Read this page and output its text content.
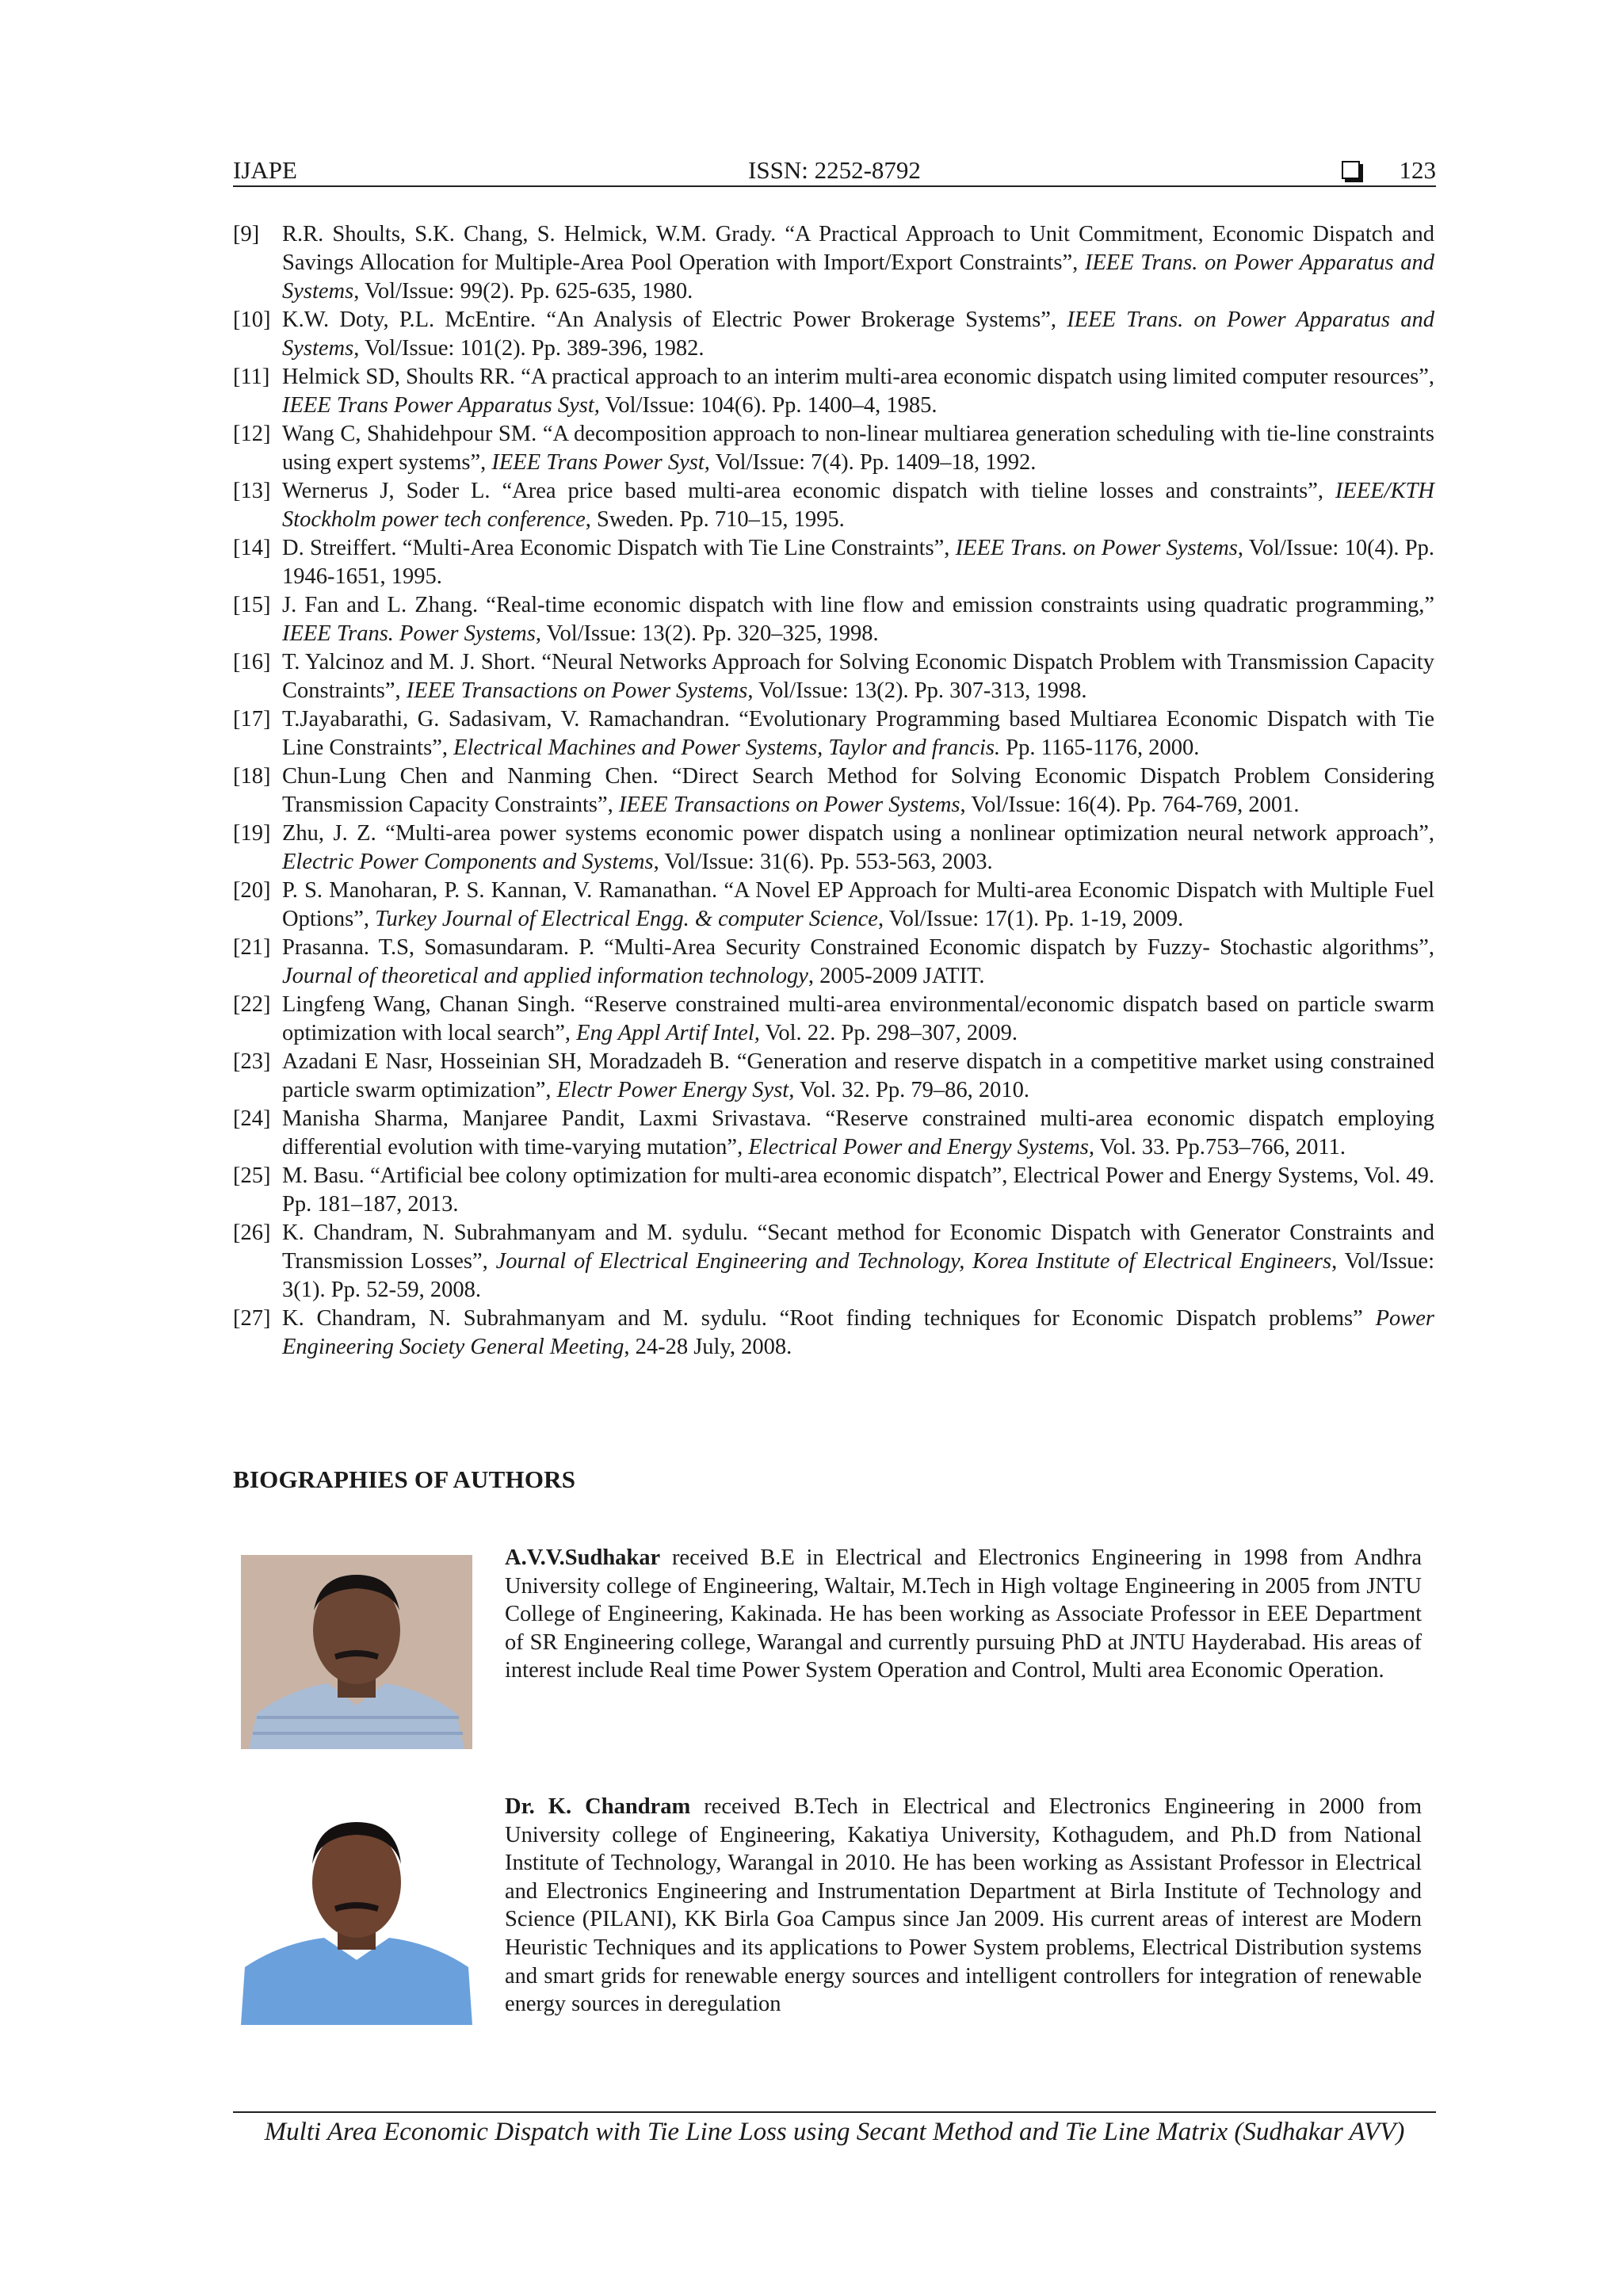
IJAPE	ISSN: 2252-8792	123
[9] R.R. Shoults, S.K. Chang, S. Helmick, W.M. Grady. “A Practical Approach to Unit Commitment, Economic Dispatch and Savings Allocation for Multiple-Area Pool Operation with Import/Export Constraints”, IEEE Trans. on Power Apparatus and Systems, Vol/Issue: 99(2). Pp. 625-635, 1980.
[10] K.W. Doty, P.L. McEntire. “An Analysis of Electric Power Brokerage Systems”, IEEE Trans. on Power Apparatus and Systems, Vol/Issue: 101(2). Pp. 389-396, 1982.
[11] Helmick SD, Shoults RR. “A practical approach to an interim multi-area economic dispatch using limited computer resources”, IEEE Trans Power Apparatus Syst, Vol/Issue: 104(6). Pp. 1400–4, 1985.
[12] Wang C, Shahidehpour SM. “A decomposition approach to non-linear multiarea generation scheduling with tie-line constraints using expert systems”, IEEE Trans Power Syst, Vol/Issue: 7(4). Pp. 1409–18, 1992.
[13] Wernerus J, Soder L. “Area price based multi-area economic dispatch with tieline losses and constraints”, IEEE/KTH Stockholm power tech conference, Sweden. Pp. 710–15, 1995.
[14] D. Streiffert. “Multi-Area Economic Dispatch with Tie Line Constraints”, IEEE Trans. on Power Systems, Vol/Issue: 10(4). Pp. 1946-1651, 1995.
[15] J. Fan and L. Zhang. “Real-time economic dispatch with line flow and emission constraints using quadratic programming,” IEEE Trans. Power Systems, Vol/Issue: 13(2). Pp. 320–325, 1998.
[16] T. Yalcinoz and M. J. Short. “Neural Networks Approach for Solving Economic Dispatch Problem with Transmission Capacity Constraints”, IEEE Transactions on Power Systems, Vol/Issue: 13(2). Pp. 307-313, 1998.
[17] T.Jayabarathi, G. Sadasivam, V. Ramachandran. “Evolutionary Programming based Multiarea Economic Dispatch with Tie Line Constraints”, Electrical Machines and Power Systems, Taylor and francis. Pp. 1165-1176, 2000.
[18] Chun-Lung Chen and Nanming Chen. “Direct Search Method for Solving Economic Dispatch Problem Considering Transmission Capacity Constraints”, IEEE Transactions on Power Systems, Vol/Issue: 16(4). Pp. 764-769, 2001.
[19] Zhu, J. Z. “Multi-area power systems economic power dispatch using a nonlinear optimization neural network approach”, Electric Power Components and Systems, Vol/Issue: 31(6). Pp. 553-563, 2003.
[20] P. S. Manoharan, P. S. Kannan, V. Ramanathan. “A Novel EP Approach for Multi-area Economic Dispatch with Multiple Fuel Options”, Turkey Journal of Electrical Engg. & computer Science, Vol/Issue: 17(1). Pp. 1-19, 2009.
[21] Prasanna. T.S, Somasundaram. P. “Multi-Area Security Constrained Economic dispatch by Fuzzy- Stochastic algorithms”, Journal of theoretical and applied information technology, 2005-2009 JATIT.
[22] Lingfeng Wang, Chanan Singh. “Reserve constrained multi-area environmental/economic dispatch based on particle swarm optimization with local search”, Eng Appl Artif Intel, Vol. 22. Pp. 298–307, 2009.
[23] Azadani E Nasr, Hosseinian SH, Moradzadeh B. “Generation and reserve dispatch in a competitive market using constrained particle swarm optimization”, Electr Power Energy Syst, Vol. 32. Pp. 79–86, 2010.
[24] Manisha Sharma, Manjaree Pandit, Laxmi Srivastava. “Reserve constrained multi-area economic dispatch employing differential evolution with time-varying mutation”, Electrical Power and Energy Systems, Vol. 33. Pp.753–766, 2011.
[25] M. Basu. “Artificial bee colony optimization for multi-area economic dispatch”, Electrical Power and Energy Systems, Vol. 49. Pp. 181–187, 2013.
[26] K. Chandram, N. Subrahmanyam and M. sydulu. “Secant method for Economic Dispatch with Generator Constraints and Transmission Losses”, Journal of Electrical Engineering and Technology, Korea Institute of Electrical Engineers, Vol/Issue: 3(1). Pp. 52-59, 2008.
[27] K. Chandram, N. Subrahmanyam and M. sydulu. “Root finding techniques for Economic Dispatch problems” Power Engineering Society General Meeting, 24-28 July, 2008.
BIOGRAPHIES OF AUTHORS
A.V.V.Sudhakar received B.E in Electrical and Electronics Engineering in 1998 from Andhra University college of Engineering, Waltair, M.Tech in High voltage Engineering in 2005 from JNTU College of Engineering, Kakinada. He has been working as Associate Professor in EEE Department of SR Engineering college, Warangal and currently pursuing PhD at JNTU Hayderabad. His areas of interest include Real time Power System Operation and Control, Multi area Economic Operation.
Dr. K. Chandram received B.Tech in Electrical and Electronics Engineering in 2000 from University college of Engineering, Kakatiya University, Kothagudem, and Ph.D from National Institute of Technology, Warangal in 2010. He has been working as Assistant Professor in Electrical and Electronics Engineering and Instrumentation Department at Birla Institute of Technology and Science (PILANI), KK Birla Goa Campus since Jan 2009. His current areas of interest are Modern Heuristic Techniques and its applications to Power System problems, Electrical Distribution systems and smart grids for renewable energy sources and intelligent controllers for integration of renewable energy sources in deregulation
Multi Area Economic Dispatch with Tie Line Loss using Secant Method and Tie Line Matrix (Sudhakar AVV)
